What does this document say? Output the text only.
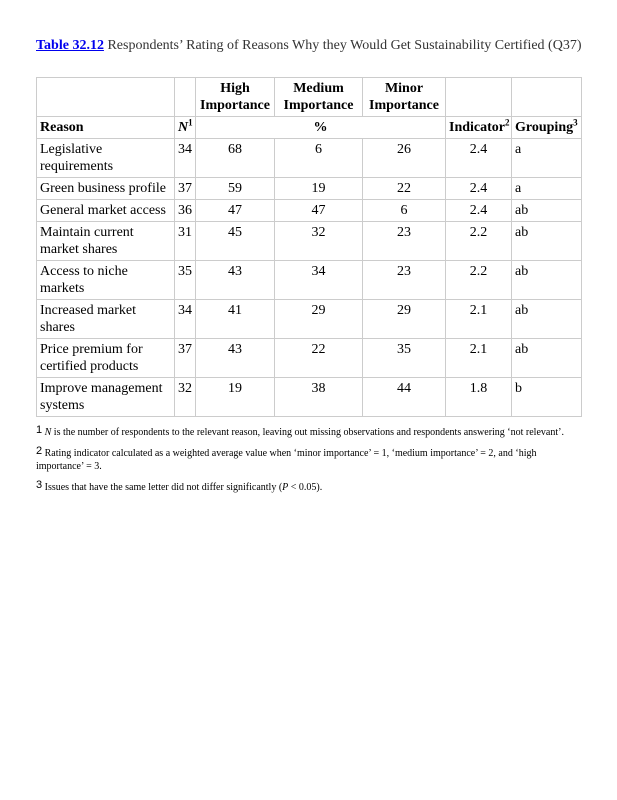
Table 32.12 Respondents’ Rating of Reasons Why they Would Get Sustainability Certified (Q37)
		High Importance	Medium Importance	Minor Importance		
Reason	$N^1$	%			Indicator$^2$	Grouping$^3$
Legislative requirements	34	68	6	26	2.4	a
Green business profile	37	59	19	22	2.4	a
General market access	36	47	47	6	2.4	ab
Maintain current market shares	31	45	32	23	2.2	ab
Access to niche markets	35	43	34	23	2.2	ab
Increased market shares	34	41	29	29	2.1	ab
Price premium for certified products	37	43	22	35	2.1	ab
Improve management systems	32	19	38	44	1.8	b

1 N is the number of respondents to the relevant reason, leaving out missing observations and respondents answering ‘not relevant’.

2 Rating indicator calculated as a weighted average value when ‘minor importance’ = 1, ‘medium importance’ = 2, and ‘high importance’ = 3.

3 Issues that have the same letter did not differ significantly (P < 0.05).
